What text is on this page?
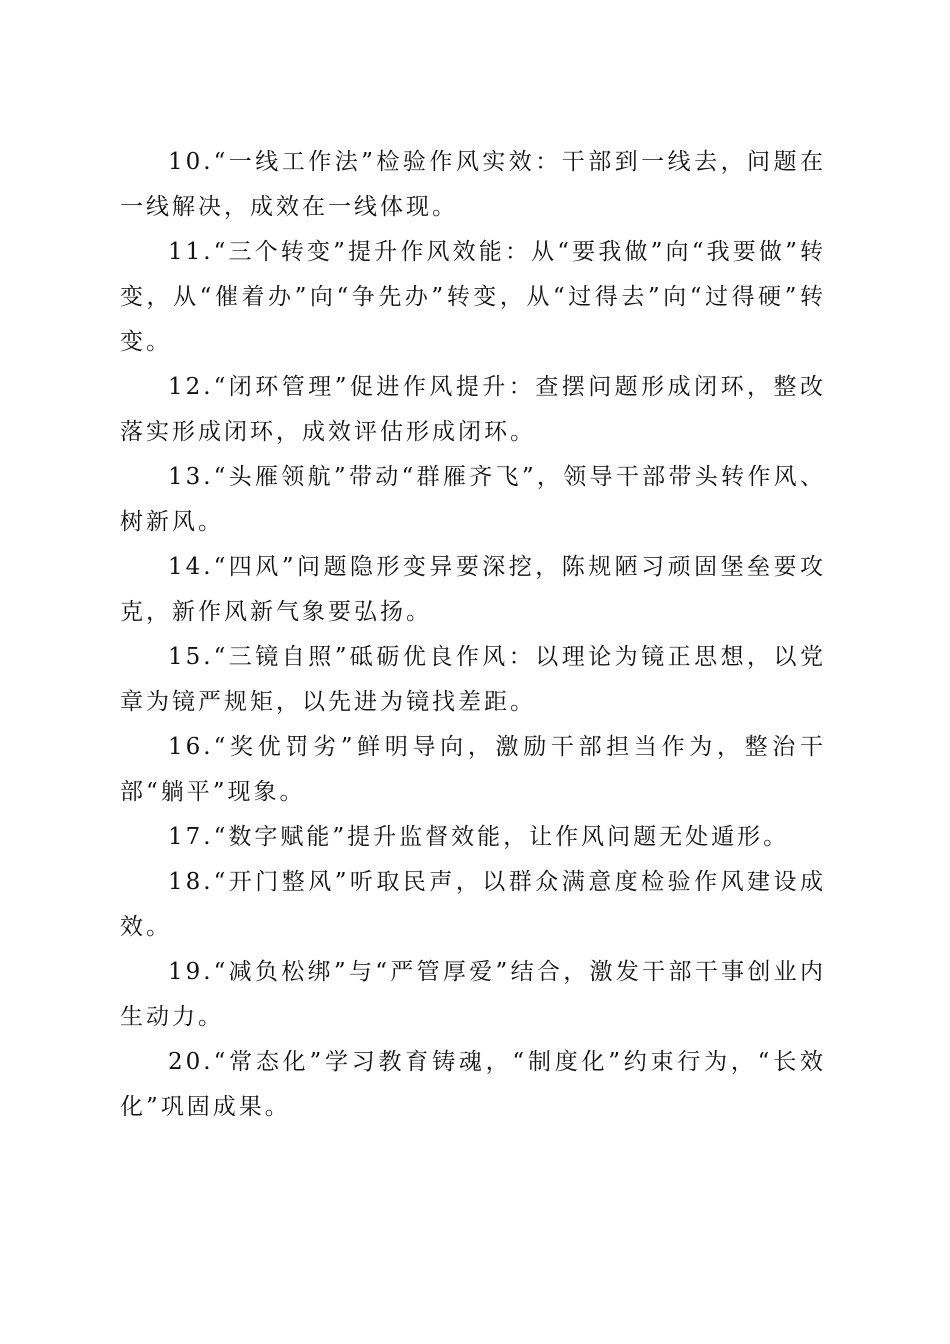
10.“一线工作法”检验作风实效：干部到一线去，问题在一线解决，成效在一线体现。

11.“三个转变”提升作风效能：从“要我做”向“我要做”转变，从“催着办”向“争先办”转变，从“过得去”向“过得硬”转变。

12.“闭环管理”促进作风提升：查摆问题形成闭环，整改落实形成闭环，成效评估形成闭环。

13.“头雁领航”带动“群雁齐飞”，领导干部带头转作风、树新风。

14.“四风”问题隐形变异要深挖，陈规陋习顽固堡垒要攻克，新作风新气象要弘扬。

15.“三镜自照”砥砺优良作风：以理论为镜正思想，以党章为镜严规矩，以先进为镜找差距。

16.“奖优罚劣”鲜明导向，激励干部担当作为，整治干部“躺平”现象。

17.“数字赋能”提升监督效能，让作风问题无处遁形。

18.“开门整风”听取民声，以群众满意度检验作风建设成效。

19.“减负松绑”与“严管厚爱”结合，激发干部干事创业内生动力。

20.“常态化”学习教育铸魂，“制度化”约束行为，“长效化”巩固成果。
